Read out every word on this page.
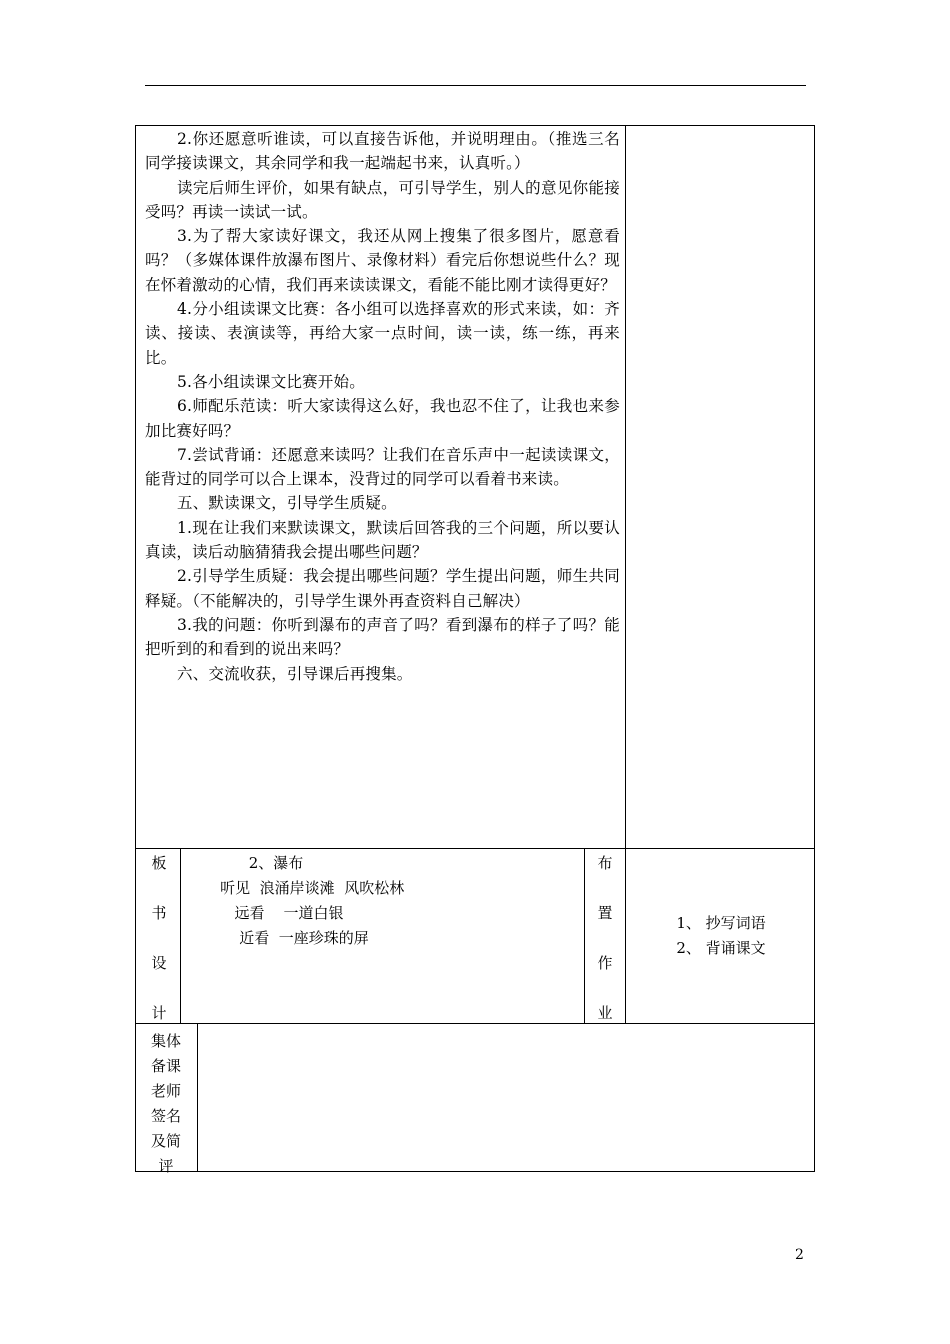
2.你还愿意听谁读，可以直接告诉他，并说明理由。（推选三名同学接读课文，其余同学和我一起端起书来，认真听。）

读完后师生评价，如果有缺点，可引导学生，别人的意见你能接受吗？再读一读试一试。

3.为了帮大家读好课文，我还从网上搜集了很多图片，愿意看吗？（多媒体课件放瀑布图片、录像材料）看完后你想说些什么？现在怀着激动的心情，我们再来读读课文，看能不能比刚才读得更好？

4.分小组读课文比赛：各小组可以选择喜欢的形式来读，如：齐读、接读、表演读等，再给大家一点时间，读一读，练一练，再来比。

5.各小组读课文比赛开始。

6.师配乐范读：听大家读得这么好，我也忍不住了，让我也来参加比赛好吗？

7.尝试背诵：还愿意来读吗？让我们在音乐声中一起读读课文，能背过的同学可以合上课本，没背过的同学可以看着书来读。

五、默读课文，引导学生质疑。

1.现在让我们来默读课文，默读后回答我的三个问题，所以要认真读，读后动脑猜猜我会提出哪些问题？

2.引导学生质疑：我会提出哪些问题？学生提出问题，师生共同释疑。（不能解决的，引导学生课外再查资料自己解决）

3.我的问题：你听到瀑布的声音了吗？看到瀑布的样子了吗？能把听到的和看到的说出来吗？

六、交流收获，引导课后再搜集。

板
书
设
计
2、瀑布
听见  浪涌岸谈滩  风吹松林
远看    一道白银
近看  一座珍珠的屏
布
置
作
业
1、 抄写词语
2、 背诵课文
集体
备课
老师
签名
及简
评
2
